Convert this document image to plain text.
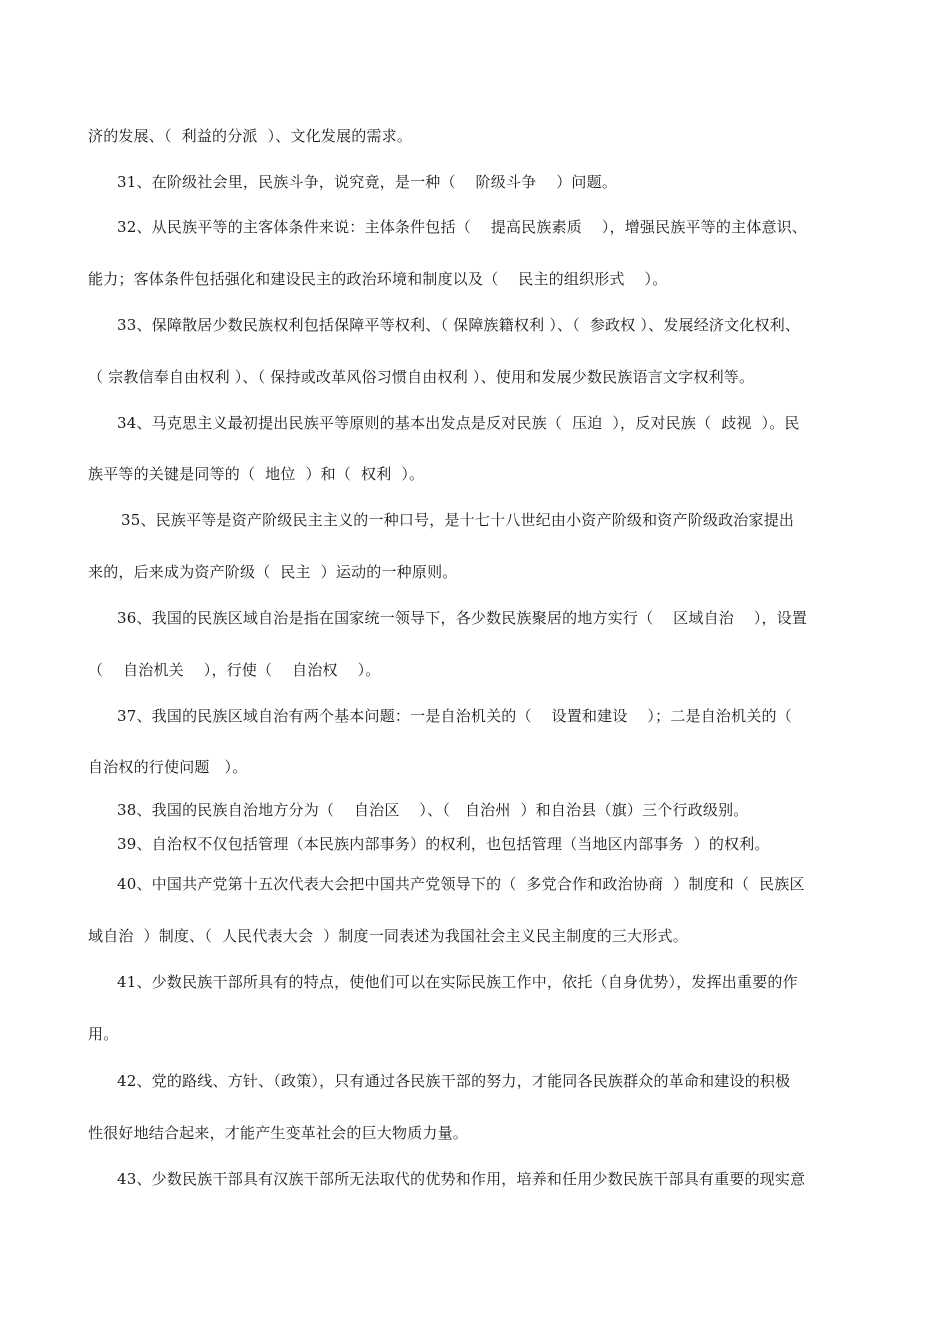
济的发展、（  利益的分派  ）、文化发展的需求。
31、在阶级社会里，民族斗争，说究竟，是一种（    阶级斗争    ）问题。
32、从民族平等的主客体条件来说：主体条件包括（    提高民族素质    ），增强民族平等的主体意识、
能力；客体条件包括强化和建设民主的政治环境和制度以及（    民主的组织形式    ）。
33、保障散居少数民族权利包括保障平等权利、（ 保障族籍权利 ）、（  参政权 ）、发展经济文化权利、
（ 宗教信奉自由权利 ）、（ 保持或改革风俗习惯自由权利 ）、使用和发展少数民族语言文字权利等。
34、马克思主义最初提出民族平等原则的基本出发点是反对民族（  压迫  ），反对民族（  歧视  ）。民
族平等的关键是同等的（  地位  ）和（  权利  ）。
35、民族平等是资产阶级民主主义的一种口号，是十七十八世纪由小资产阶级和资产阶级政治家提出
来的，后来成为资产阶级（  民主  ）运动的一种原则。
36、我国的民族区域自治是指在国家统一领导下，各少数民族聚居的地方实行（    区域自治    ），设置
（    自治机关    ），行使（    自治权    ）。
37、我国的民族区域自治有两个基本问题：一是自治机关的（    设置和建设    ）；二是自治机关的（
自治权的行使问题   ）。
38、我国的民族自治地方分为（    自治区    ）、（   自治州  ）和自治县（旗）三个行政级别。
39、自治权不仅包括管理（本民族内部事务）的权利，也包括管理（当地区内部事务  ）的权利。
40、中国共产党第十五次代表大会把中国共产党领导下的（  多党合作和政治协商  ）制度和（  民族区
域自治  ）制度、（  人民代表大会  ）制度一同表述为我国社会主义民主制度的三大形式。
41、少数民族干部所具有的特点，使他们可以在实际民族工作中，依托（自身优势），发挥出重要的作
用。
42、党的路线、方针、（政策），只有通过各民族干部的努力，才能同各民族群众的革命和建设的积极
性很好地结合起来，才能产生变革社会的巨大物质力量。
43、少数民族干部具有汉族干部所无法取代的优势和作用，培养和任用少数民族干部具有重要的现实意
